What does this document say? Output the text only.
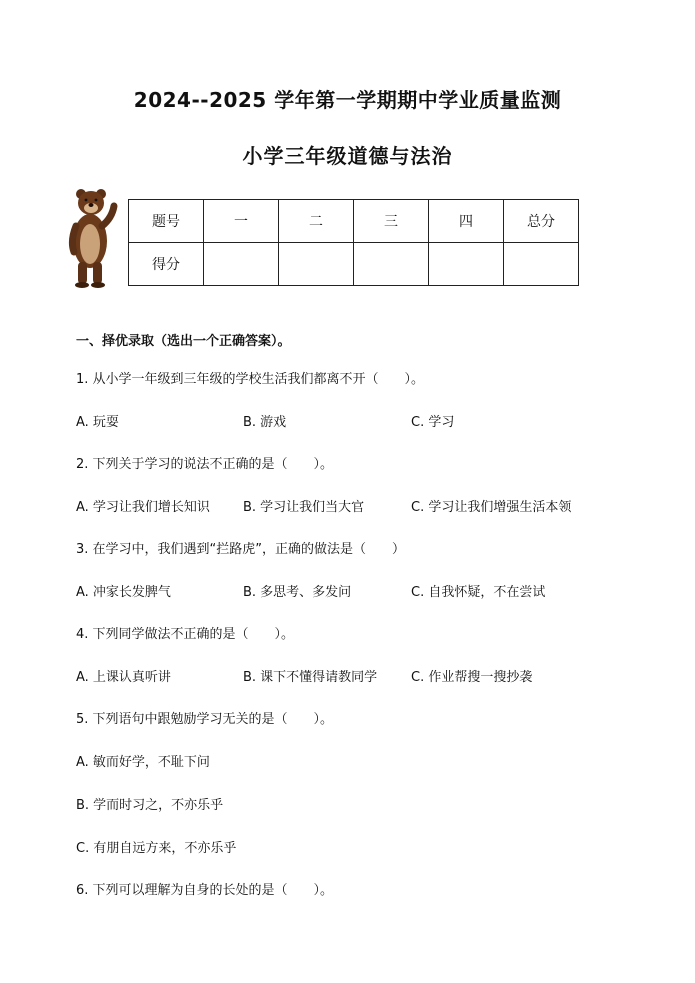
2024--2025 学年第一学期期中学业质量监测
小学三年级道德与法治
题号	一	二	三	四	总分
得分					
一、择优录取（选出一个正确答案）。
1. 从小学一年级到三年级的学校生活我们都离不开（　　）。
A. 玩耍	B. 游戏	C. 学习
2. 下列关于学习的说法不正确的是（　　）。
A. 学习让我们增长知识	B. 学习让我们当大官	C. 学习让我们增强生活本领
3. 在学习中，我们遇到“拦路虎”，正确的做法是（　　）
A. 冲家长发脾气	B. 多思考、多发问	C. 自我怀疑，不在尝试
4. 下列同学做法不正确的是（　　）。
A. 上课认真听讲	B. 课下不懂得请教同学	C. 作业帮搜一搜抄袭
5. 下列语句中跟勉励学习无关的是（　　）。
A. 敏而好学，不耻下问
B. 学而时习之，不亦乐乎
C. 有朋自远方来，不亦乐乎
6. 下列可以理解为自身的长处的是（　　）。
